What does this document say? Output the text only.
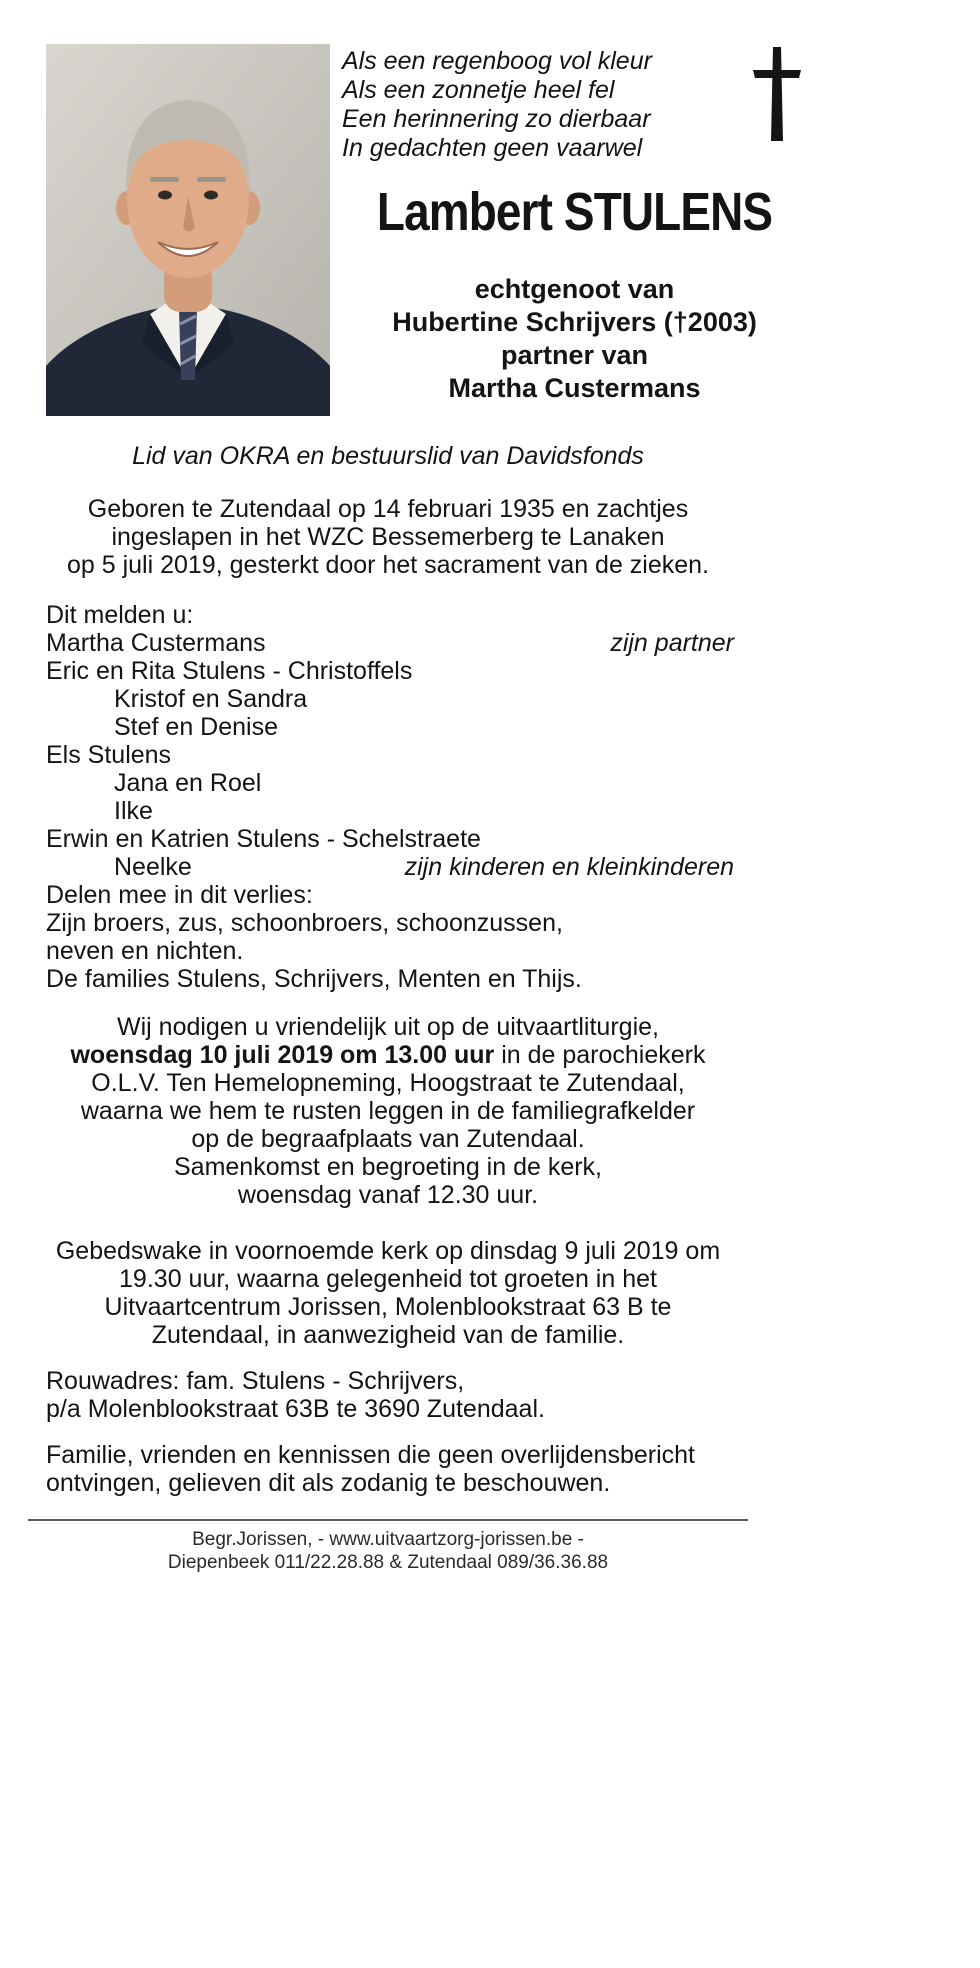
Als een regenboog vol kleur
Als een zonnetje heel fel
Een herinnering zo dierbaar
In gedachten geen vaarwel
Lambert STULENS
echtgenoot van
Hubertine Schrijvers (†2003)
partner van
Martha Custermans
Lid van OKRA en bestuurslid van Davidsfonds
Geboren te Zutendaal op 14 februari 1935 en zachtjes
ingeslapen in het WZC Bessemerberg te Lanaken
op 5 juli 2019, gesterkt door het sacrament van de zieken.
Dit melden u:
Martha Custermans	zijn partner
Eric en Rita Stulens - Christoffels
Kristof en Sandra
Stef en Denise
Els Stulens
Jana en Roel
Ilke
Erwin en Katrien Stulens - Schelstraete
Neelke	zijn kinderen en kleinkinderen
Delen mee in dit verlies:
Zijn broers, zus, schoonbroers, schoonzussen,
neven en nichten.
De families Stulens, Schrijvers, Menten en Thijs.
Wij nodigen u vriendelijk uit op de uitvaartliturgie,
woensdag 10 juli 2019 om 13.00 uur in de parochiekerk
O.L.V. Ten Hemelopneming, Hoogstraat te Zutendaal,
waarna we hem te rusten leggen in de familiegrafkelder
op de begraafplaats van Zutendaal.
Samenkomst en begroeting in de kerk,
woensdag vanaf 12.30 uur.
Gebedswake in voornoemde kerk op dinsdag 9 juli 2019 om
19.30 uur, waarna gelegenheid tot groeten in het
Uitvaartcentrum Jorissen, Molenblookstraat 63 B te
Zutendaal, in aanwezigheid van de familie.
Rouwadres: fam. Stulens - Schrijvers,
p/a Molenblookstraat 63B te 3690 Zutendaal.
Familie, vrienden en kennissen die geen overlijdensbericht
ontvingen, gelieven dit als zodanig te beschouwen.
Begr.Jorissen, - www.uitvaartzorg-jorissen.be -
Diepenbeek 011/22.28.88 & Zutendaal 089/36.36.88
